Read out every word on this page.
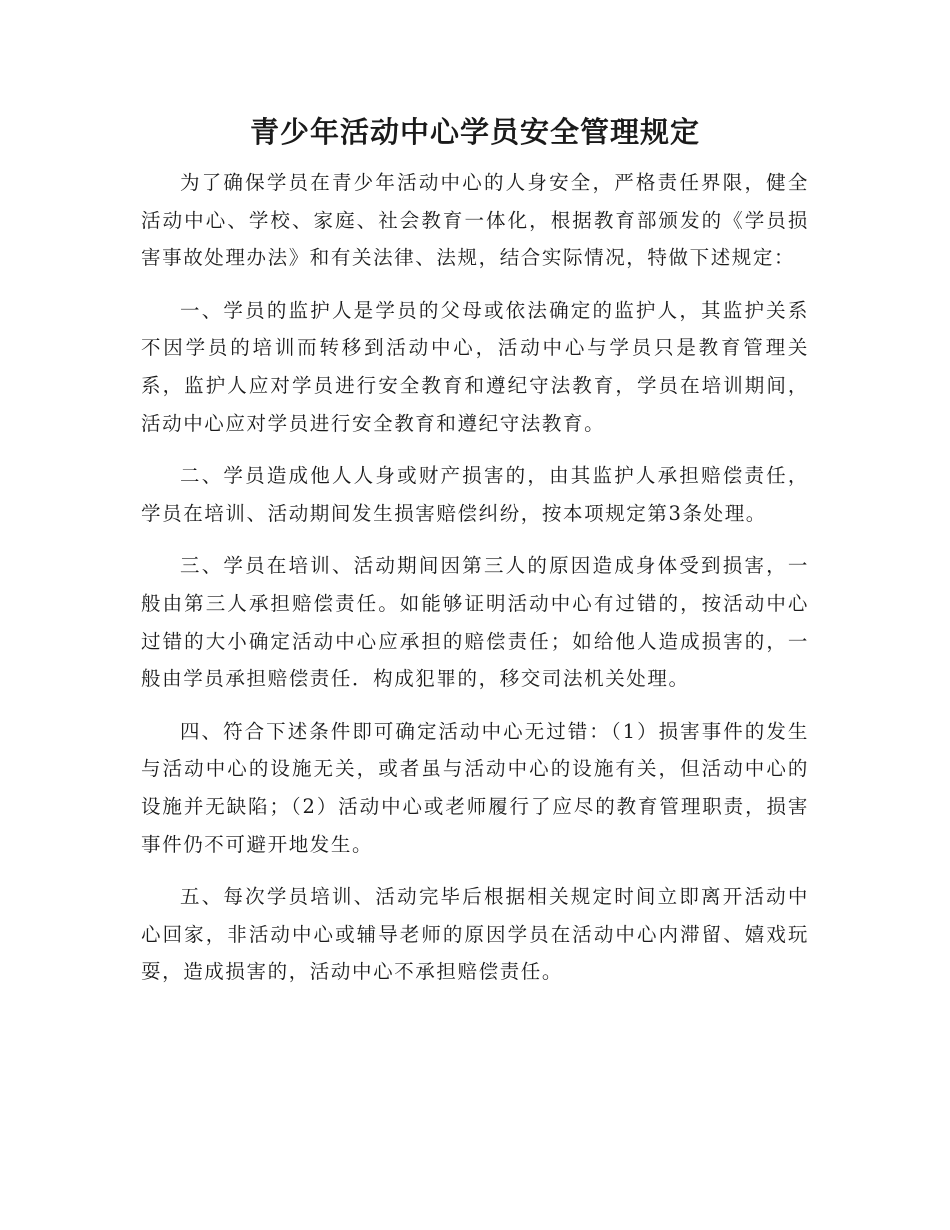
青少年活动中心学员安全管理规定

为了确保学员在青少年活动中心的人身安全，严格责任界限，健全活动中心、学校、家庭、社会教育一体化，根据教育部颁发的《学员损害事故处理办法》和有关法律、法规，结合实际情况，特做下述规定：

一、学员的监护人是学员的父母或依法确定的监护人，其监护关系不因学员的培训而转移到活动中心，活动中心与学员只是教育管理关系，监护人应对学员进行安全教育和遵纪守法教育，学员在培训期间，活动中心应对学员进行安全教育和遵纪守法教育。

二、学员造成他人人身或财产损害的，由其监护人承担赔偿责任，学员在培训、活动期间发生损害赔偿纠纷，按本项规定第3条处理。

三、学员在培训、活动期间因第三人的原因造成身体受到损害，一般由第三人承担赔偿责任。如能够证明活动中心有过错的，按活动中心过错的大小确定活动中心应承担的赔偿责任；如给他人造成损害的，一般由学员承担赔偿责任．构成犯罪的，移交司法机关处理。

四、符合下述条件即可确定活动中心无过错：（1）损害事件的发生与活动中心的设施无关，或者虽与活动中心的设施有关，但活动中心的设施并无缺陷；（2）活动中心或老师履行了应尽的教育管理职责，损害事件仍不可避开地发生。

五、每次学员培训、活动完毕后根据相关规定时间立即离开活动中心回家，非活动中心或辅导老师的原因学员在活动中心内滞留、嬉戏玩耍，造成损害的，活动中心不承担赔偿责任。
